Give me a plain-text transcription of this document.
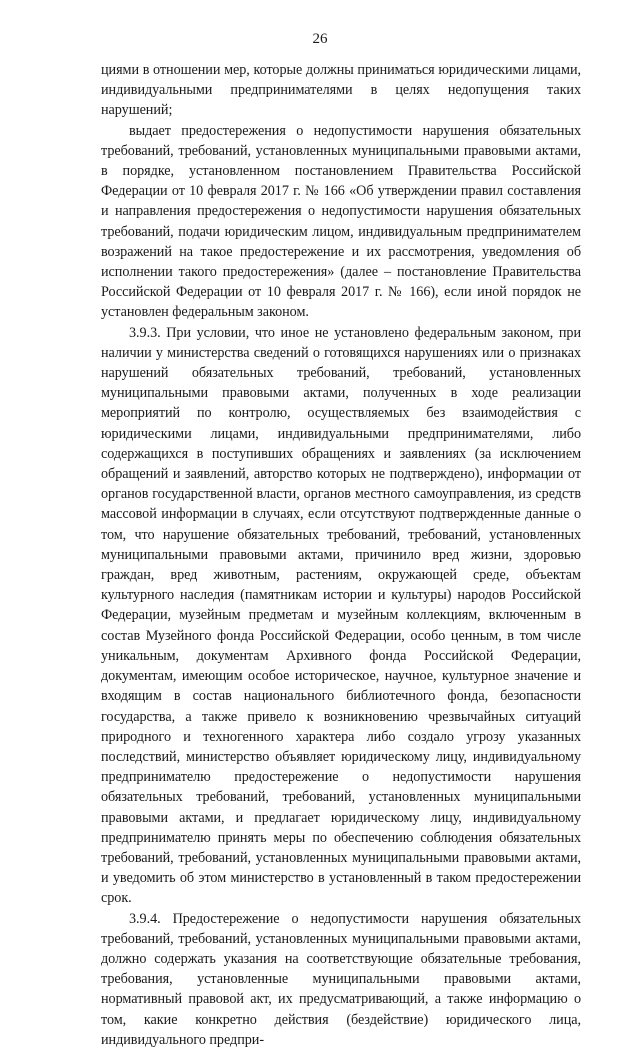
26

циями в отношении мер, которые должны приниматься юридическими лицами, индивидуальными предпринимателями в целях недопущения таких нарушений;

выдает предостережения о недопустимости нарушения обязательных требований, требований, установленных муниципальными правовыми актами, в порядке, установленном постановлением Правительства Российской Федерации от 10 февраля 2017 г. № 166 «Об утверждении правил составления и направления предостережения о недопустимости нарушения обязательных требований, подачи юридическим лицом, индивидуальным предпринимателем возражений на такое предостережение и их рассмотрения, уведомления об исполнении такого предостережения» (далее – постановление Правительства Российской Федерации от 10 февраля 2017 г. № 166), если иной порядок не установлен федеральным законом.

3.9.3. При условии, что иное не установлено федеральным законом, при наличии у министерства сведений о готовящихся нарушениях или о признаках нарушений обязательных требований, требований, установленных муниципальными правовыми актами, полученных в ходе реализации мероприятий по контролю, осуществляемых без взаимодействия с юридическими лицами, индивидуальными предпринимателями, либо содержащихся в поступивших обращениях и заявлениях (за исключением обращений и заявлений, авторство которых не подтверждено), информации от органов государственной власти, органов местного самоуправления, из средств массовой информации в случаях, если отсутствуют подтвержденные данные о том, что нарушение обязательных требований, требований, установленных муниципальными правовыми актами, причинило вред жизни, здоровью граждан, вред животным, растениям, окружающей среде, объектам культурного наследия (памятникам истории и культуры) народов Российской Федерации, музейным предметам и музейным коллекциям, включенным в состав Музейного фонда Российской Федерации, особо ценным, в том числе уникальным, документам Архивного фонда Российской Федерации, документам, имеющим особое историческое, научное, культурное значение и входящим в состав национального библиотечного фонда, безопасности государства, а также привело к возникновению чрезвычайных ситуаций природного и техногенного характера либо создало угрозу указанных последствий, министерство объявляет юридическому лицу, индивидуальному предпринимателю предостережение о недопустимости нарушения обязательных требований, требований, установленных муниципальными правовыми актами, и предлагает юридическому лицу, индивидуальному предпринимателю принять меры по обеспечению соблюдения обязательных требований, требований, установленных муниципальными правовыми актами, и уведомить об этом министерство в установленный в таком предостережении срок.

3.9.4. Предостережение о недопустимости нарушения обязательных требований, требований, установленных муниципальными правовыми актами, должно содержать указания на соответствующие обязательные требования, требования, установленные муниципальными правовыми актами, нормативный правовой акт, их предусматривающий, а также информацию о том, какие конкретно действия (бездействие) юридического лица, индивидуального предпри-
